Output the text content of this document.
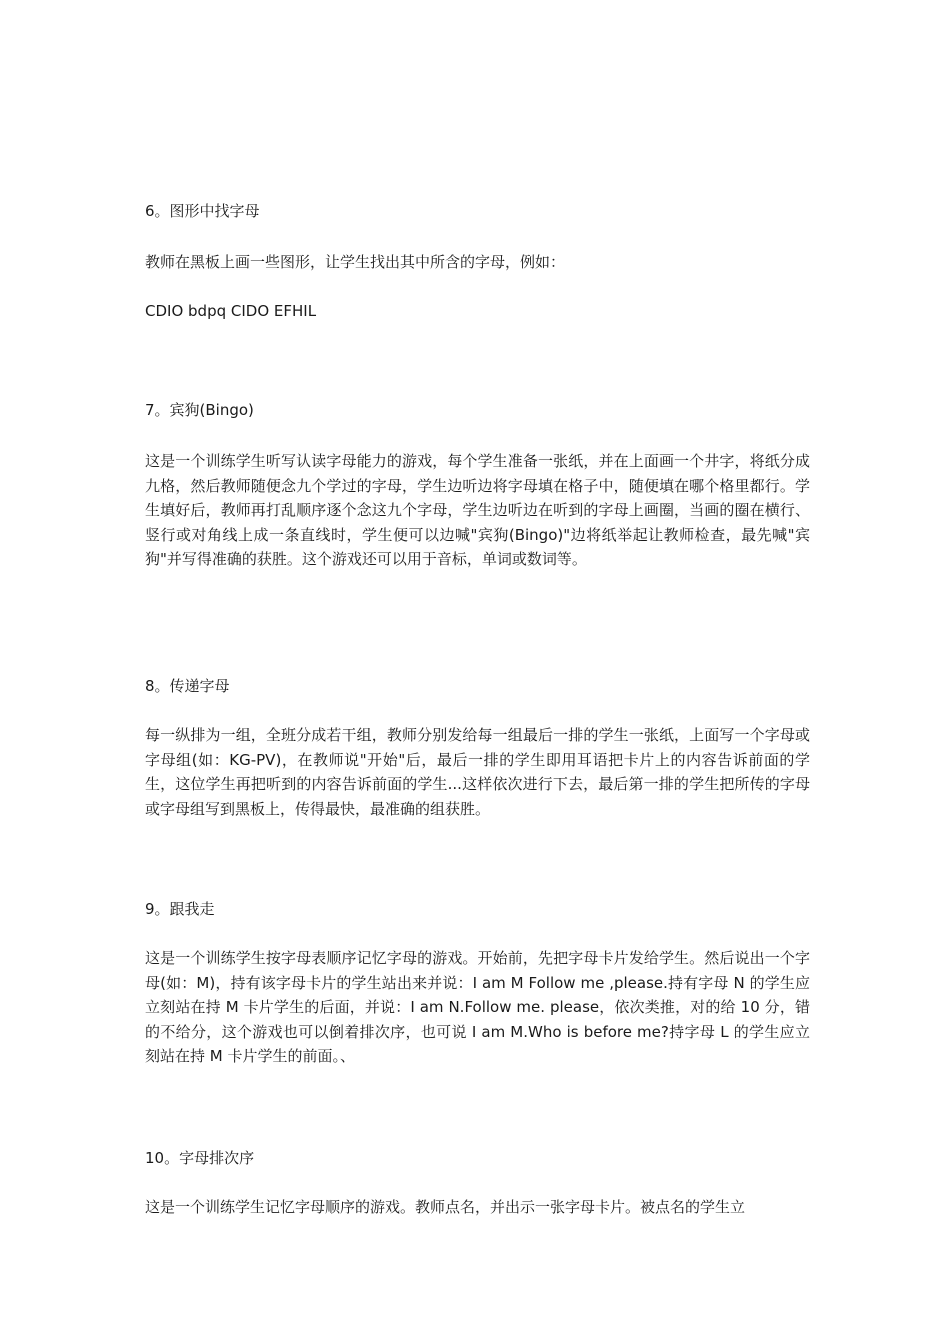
6。图形中找字母
教师在黑板上画一些图形，让学生找出其中所含的字母，例如：
CDIO bdpq CIDO EFHIL
7。宾狗(Bingo)
这是一个训练学生听写认读字母能力的游戏，每个学生准备一张纸，并在上面画一个井字，将纸分成九格，然后教师随便念九个学过的字母，学生边听边将字母填在格子中，随便填在哪个格里都行。学生填好后，教师再打乱顺序逐个念这九个字母，学生边听边在听到的字母上画圈，当画的圈在横行、竖行或对角线上成一条直线时，学生便可以边喊"宾狗(Bingo)"边将纸举起让教师检查，最先喊"宾狗"并写得准确的获胜。这个游戏还可以用于音标，单词或数词等。
8。传递字母
每一纵排为一组，全班分成若干组，教师分别发给每一组最后一排的学生一张纸，上面写一个字母或字母组(如：KG-PV)，在教师说"开始"后，最后一排的学生即用耳语把卡片上的内容告诉前面的学生，这位学生再把听到的内容告诉前面的学生...这样依次进行下去，最后第一排的学生把所传的字母或字母组写到黑板上，传得最快，最准确的组获胜。
9。跟我走
这是一个训练学生按字母表顺序记忆字母的游戏。开始前，先把字母卡片发给学生。然后说出一个字母(如：M)，持有该字母卡片的学生站出来并说：I am M Follow me ,please.持有字母 N 的学生应立刻站在持 M 卡片学生的后面，并说：I am N.Follow me. please，依次类推，对的给 10 分，错的不给分，这个游戏也可以倒着排次序，也可说 I am M.Who is before me?持字母 L 的学生应立刻站在持 M 卡片学生的前面。、
10。字母排次序
这是一个训练学生记忆字母顺序的游戏。教师点名，并出示一张字母卡片。被点名的学生立
